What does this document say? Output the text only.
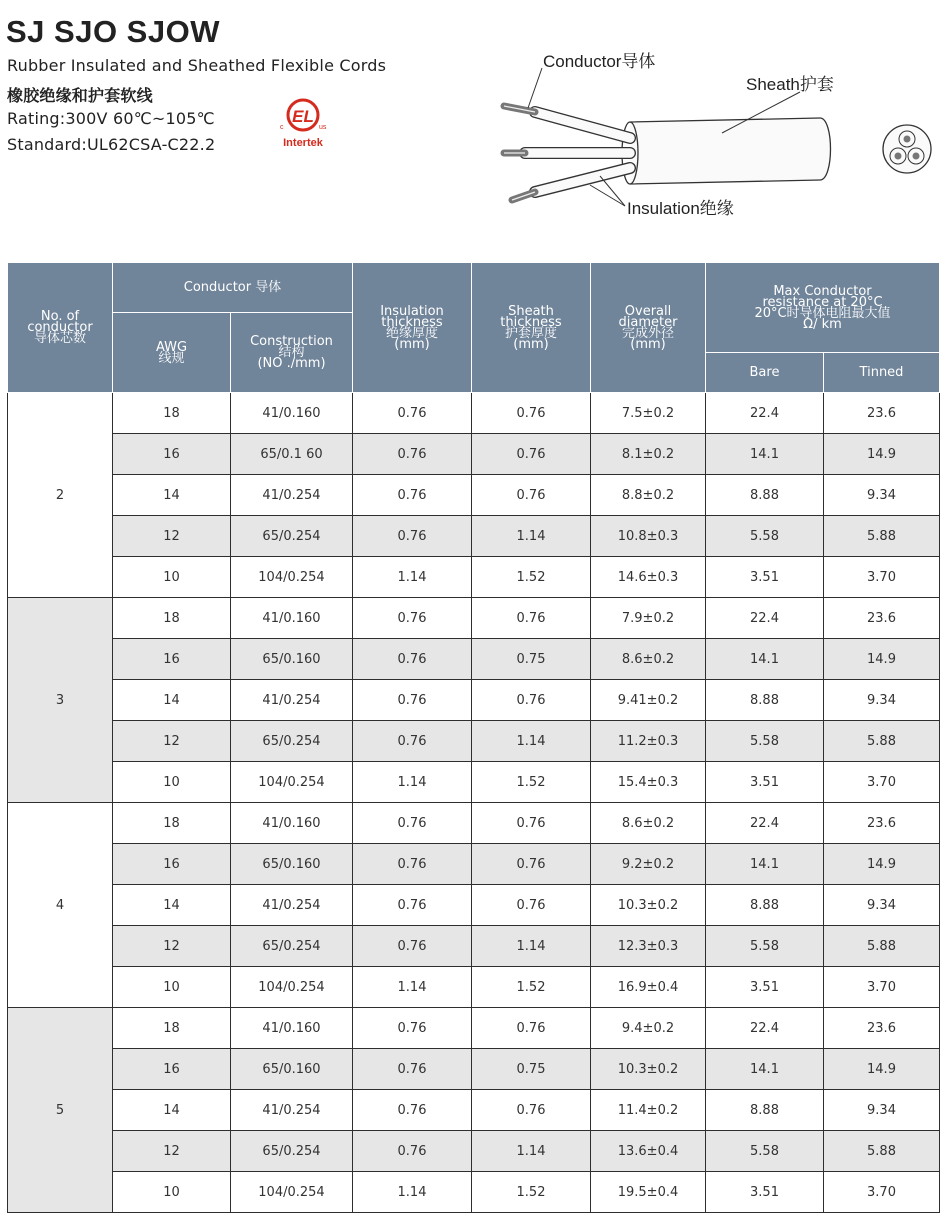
SJ SJO SJOW

Rubber Insulated and Sheathed Flexible Cords

橡胶绝缘和护套软线

Rating:300V 60℃~105℃

Standard:UL62CSA-C22.2

EL
c	us
Intertek
Conductor导体
Sheath护套
Insulation绝缘
No. of
conductor
导体芯数	Conductor 导体		Insulation
thickness
绝缘厚度
(mm)	Sheath
thickness
护套厚度
(mm)	Overall
diameter
完成外径
(mm)	Max Conductor
resistance at 20°C
20°C时导体电阻最大值
Ω/ km	

	AWG
线规	Construction
结构
(NO ./mm)					

						Bare	Tinned

2	18	41/0.160	0.76	0.76	7.5±0.2	22.4	23.6
	16	65/0.1 60	0.76	0.76	8.1±0.2	14.1	14.9
	14	41/0.254	0.76	0.76	8.8±0.2	8.88	9.34
	12	65/0.254	0.76	1.14	10.8±0.3	5.58	5.88
	10	104/0.254	1.14	1.52	14.6±0.3	3.51	3.70
3	18	41/0.160	0.76	0.76	7.9±0.2	22.4	23.6
	16	65/0.160	0.76	0.75	8.6±0.2	14.1	14.9
	14	41/0.254	0.76	0.76	9.41±0.2	8.88	9.34
	12	65/0.254	0.76	1.14	11.2±0.3	5.58	5.88
	10	104/0.254	1.14	1.52	15.4±0.3	3.51	3.70
4	18	41/0.160	0.76	0.76	8.6±0.2	22.4	23.6
	16	65/0.160	0.76	0.76	9.2±0.2	14.1	14.9
	14	41/0.254	0.76	0.76	10.3±0.2	8.88	9.34
	12	65/0.254	0.76	1.14	12.3±0.3	5.58	5.88
	10	104/0.254	1.14	1.52	16.9±0.4	3.51	3.70
5	18	41/0.160	0.76	0.76	9.4±0.2	22.4	23.6
	16	65/0.160	0.76	0.75	10.3±0.2	14.1	14.9
	14	41/0.254	0.76	0.76	11.4±0.2	8.88	9.34
	12	65/0.254	0.76	1.14	13.6±0.4	5.58	5.88
	10	104/0.254	1.14	1.52	19.5±0.4	3.51	3.70
